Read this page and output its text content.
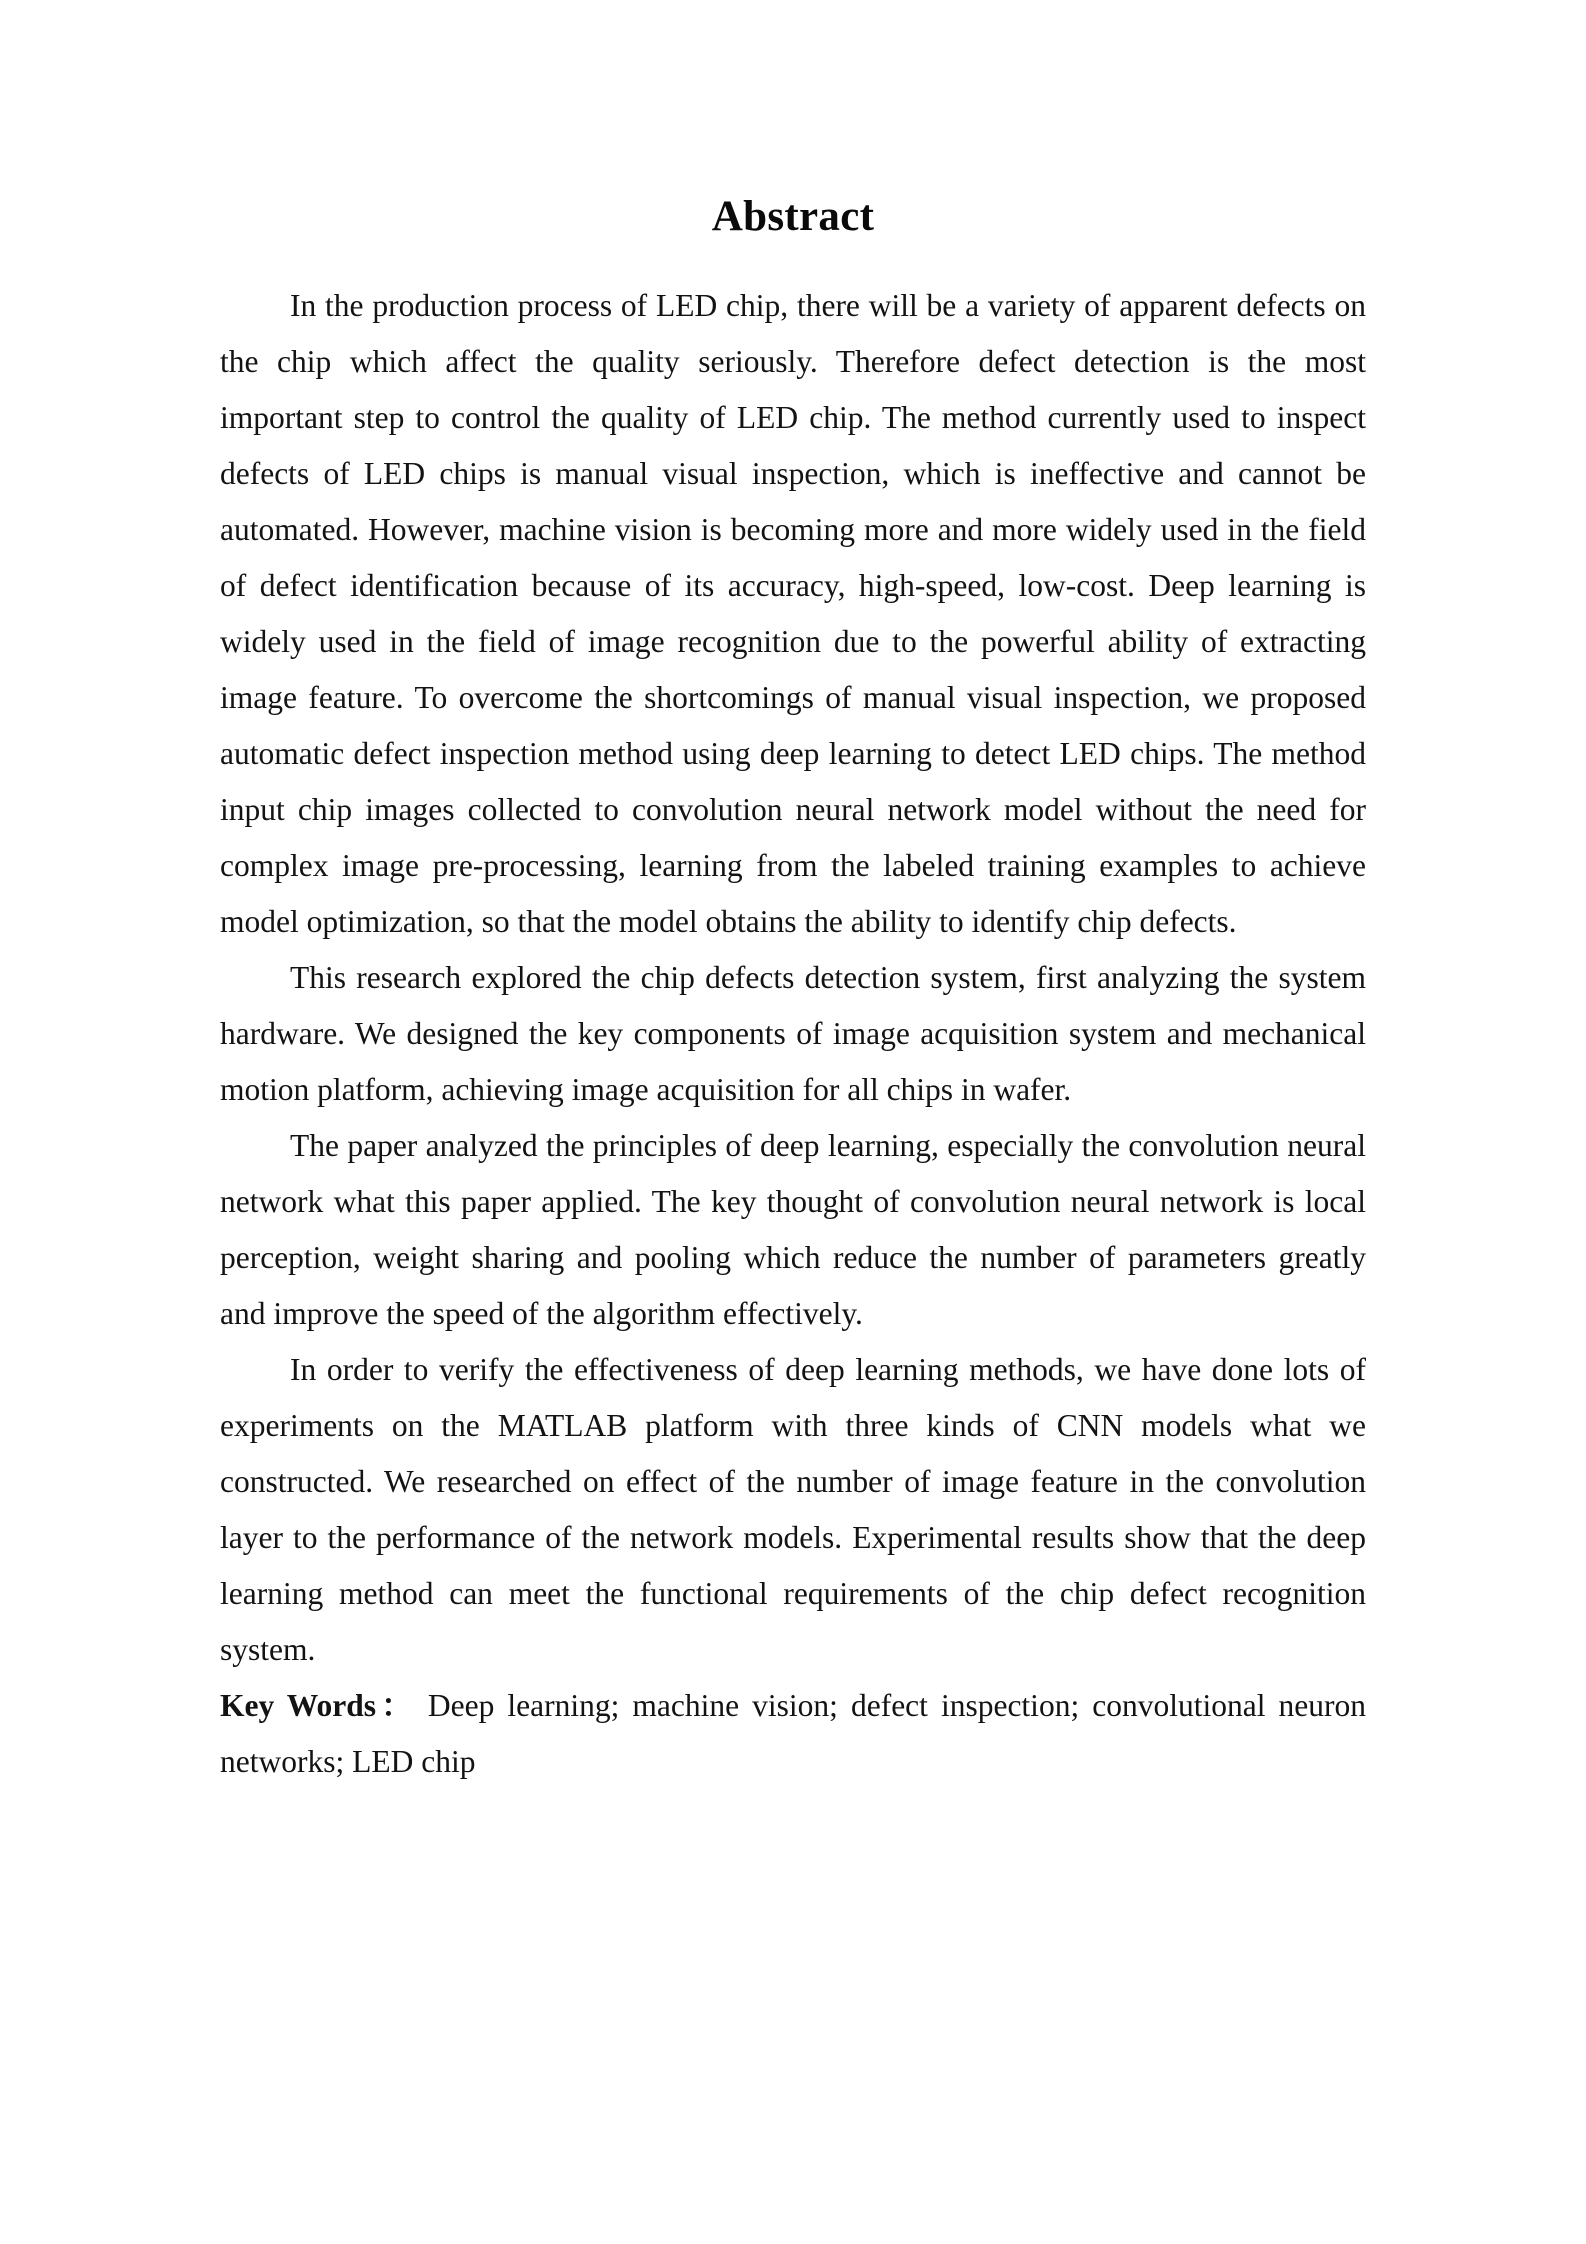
Abstract

In the production process of LED chip, there will be a variety of apparent defects on the chip which affect the quality seriously. Therefore defect detection is the most important step to control the quality of LED chip. The method currently used to inspect defects of LED chips is manual visual inspection, which is ineffective and cannot be automated. However, machine vision is becoming more and more widely used in the field of defect identification because of its accuracy, high-speed, low-cost. Deep learning is widely used in the field of image recognition due to the powerful ability of extracting image feature. To overcome the shortcomings of manual visual inspection, we proposed automatic defect inspection method using deep learning to detect LED chips. The method input chip images collected to convolution neural network model without the need for complex image pre-processing, learning from the labeled training examples to achieve model optimization, so that the model obtains the ability to identify chip defects.

This research explored the chip defects detection system, first analyzing the system hardware. We designed the key components of image acquisition system and mechanical motion platform, achieving image acquisition for all chips in wafer.

The paper analyzed the principles of deep learning, especially the convolution neural network what this paper applied. The key thought of convolution neural network is local perception, weight sharing and pooling which reduce the number of parameters greatly and improve the speed of the algorithm effectively.

In order to verify the effectiveness of deep learning methods, we have done lots of experiments on the MATLAB platform with three kinds of CNN models what we constructed. We researched on effect of the number of image feature in the convolution layer to the performance of the network models. Experimental results show that the deep learning method can meet the functional requirements of the chip defect recognition system.

Key Words： Deep learning; machine vision; defect inspection; convolutional neuron networks; LED chip
